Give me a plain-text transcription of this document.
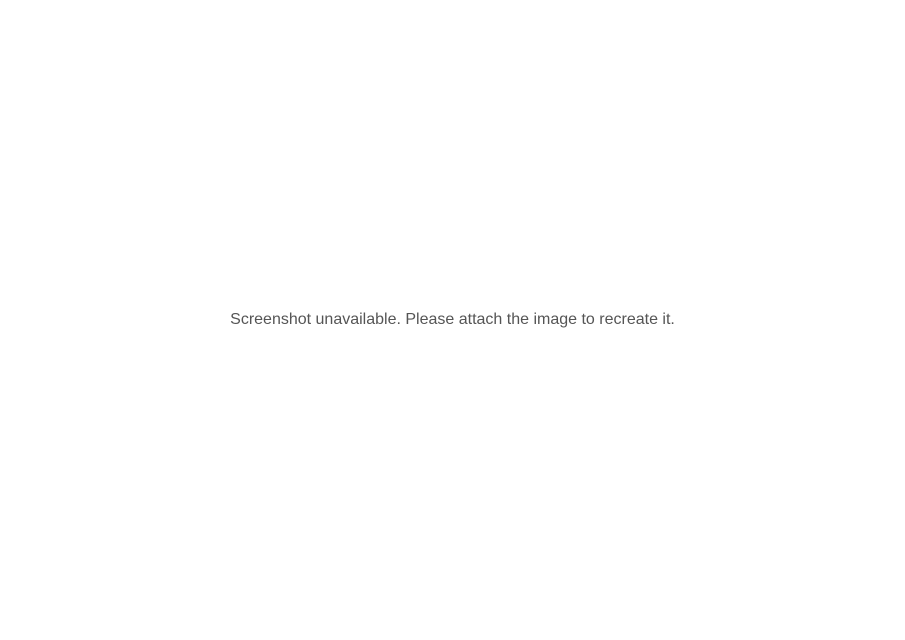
Screenshot unavailable. Please attach the image to recreate it.
